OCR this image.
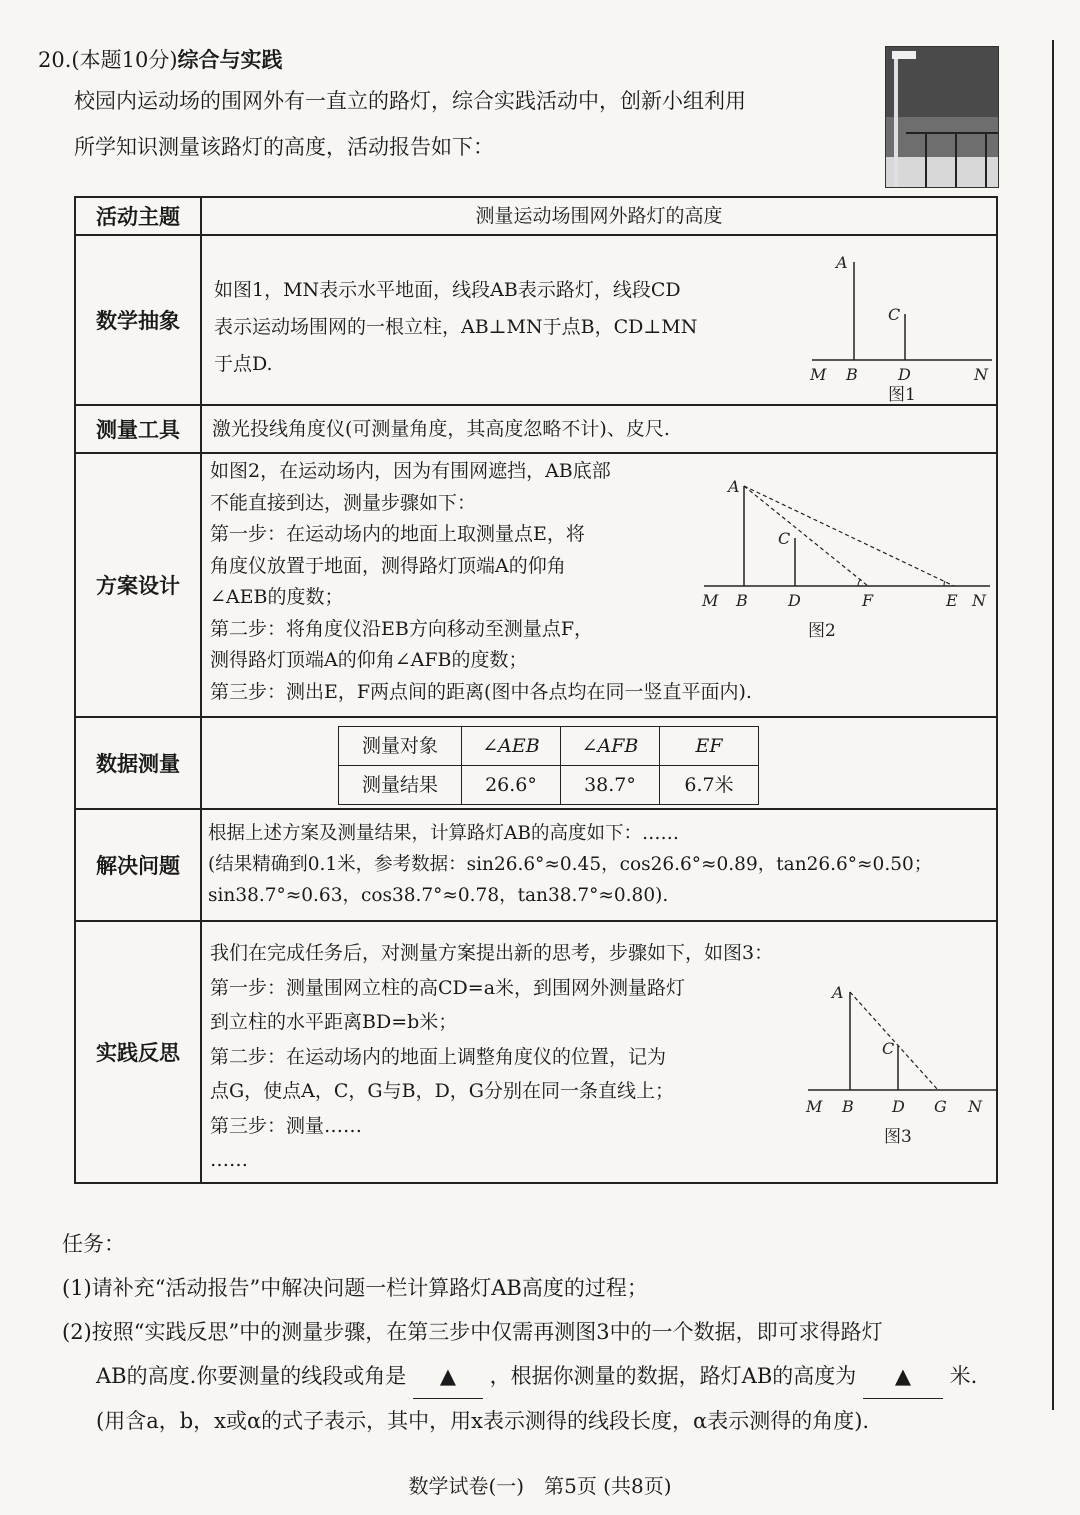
20.(本题10分)综合与实践
校园内运动场的围网外有一直立的路灯，综合实践活动中，创新小组利用
所学知识测量该路灯的高度，活动报告如下：
活动主题	测量运动场围网外路灯的高度
数学抽象	
如图1，MN表示水平地面，线段AB表示路灯，线段CD
表示运动场围网的一根立柱，AB⊥MN于点B，CD⊥MN
于点D.
A
C
M B	D	N
图1

测量工具	激光投线角度仪(可测量角度，其高度忽略不计)、皮尺.
方案设计	
如图2，在运动场内，因为有围网遮挡，AB底部
不能直接到达，测量步骤如下：
第一步：在运动场内的地面上取测量点E，将
角度仪放置于地面，测得路灯顶端A的仰角
∠AEB的度数；
第二步：将角度仪沿EB方向移动至测量点F，
测得路灯顶端A的仰角∠AFB的度数；
第三步：测出E，F两点间的距离(图中各点均在同一竖直平面内).
A
C
M B	D	F	E N
图2

数据测量	
测量对象	∠AEB	∠AFB	EF
测量结果	26.6°	38.7°	6.7米

解决问题	
根据上述方案及测量结果，计算路灯AB的高度如下：……
(结果精确到0.1米，参考数据：sin26.6°≈0.45，cos26.6°≈0.89，tan26.6°≈0.50；
sin38.7°≈0.63，cos38.7°≈0.78，tan38.7°≈0.80).

实践反思	
我们在完成任务后，对测量方案提出新的思考，步骤如下，如图3：
第一步：测量围网立柱的高CD=a米，到围网外测量路灯
到立柱的水平距离BD=b米；
第二步：在运动场内的地面上调整角度仪的位置，记为
点G，使点A，C，G与B，D，G分别在同一条直线上；
第三步：测量……
……
A
C
M B D G N
图3
任务：
(1)请补充“活动报告”中解决问题一栏计算路灯AB高度的过程；
(2)按照“实践反思”中的测量步骤，在第三步中仅需再测图3中的一个数据，即可求得路灯
AB的高度.你要测量的线段或角是 ▲ ，根据你测量的数据，路灯AB的高度为 ▲ 米.
(用含a，b，x或α的式子表示，其中，用x表示测得的线段长度，α表示测得的角度).
数学试卷(一)　第5页 (共8页)
